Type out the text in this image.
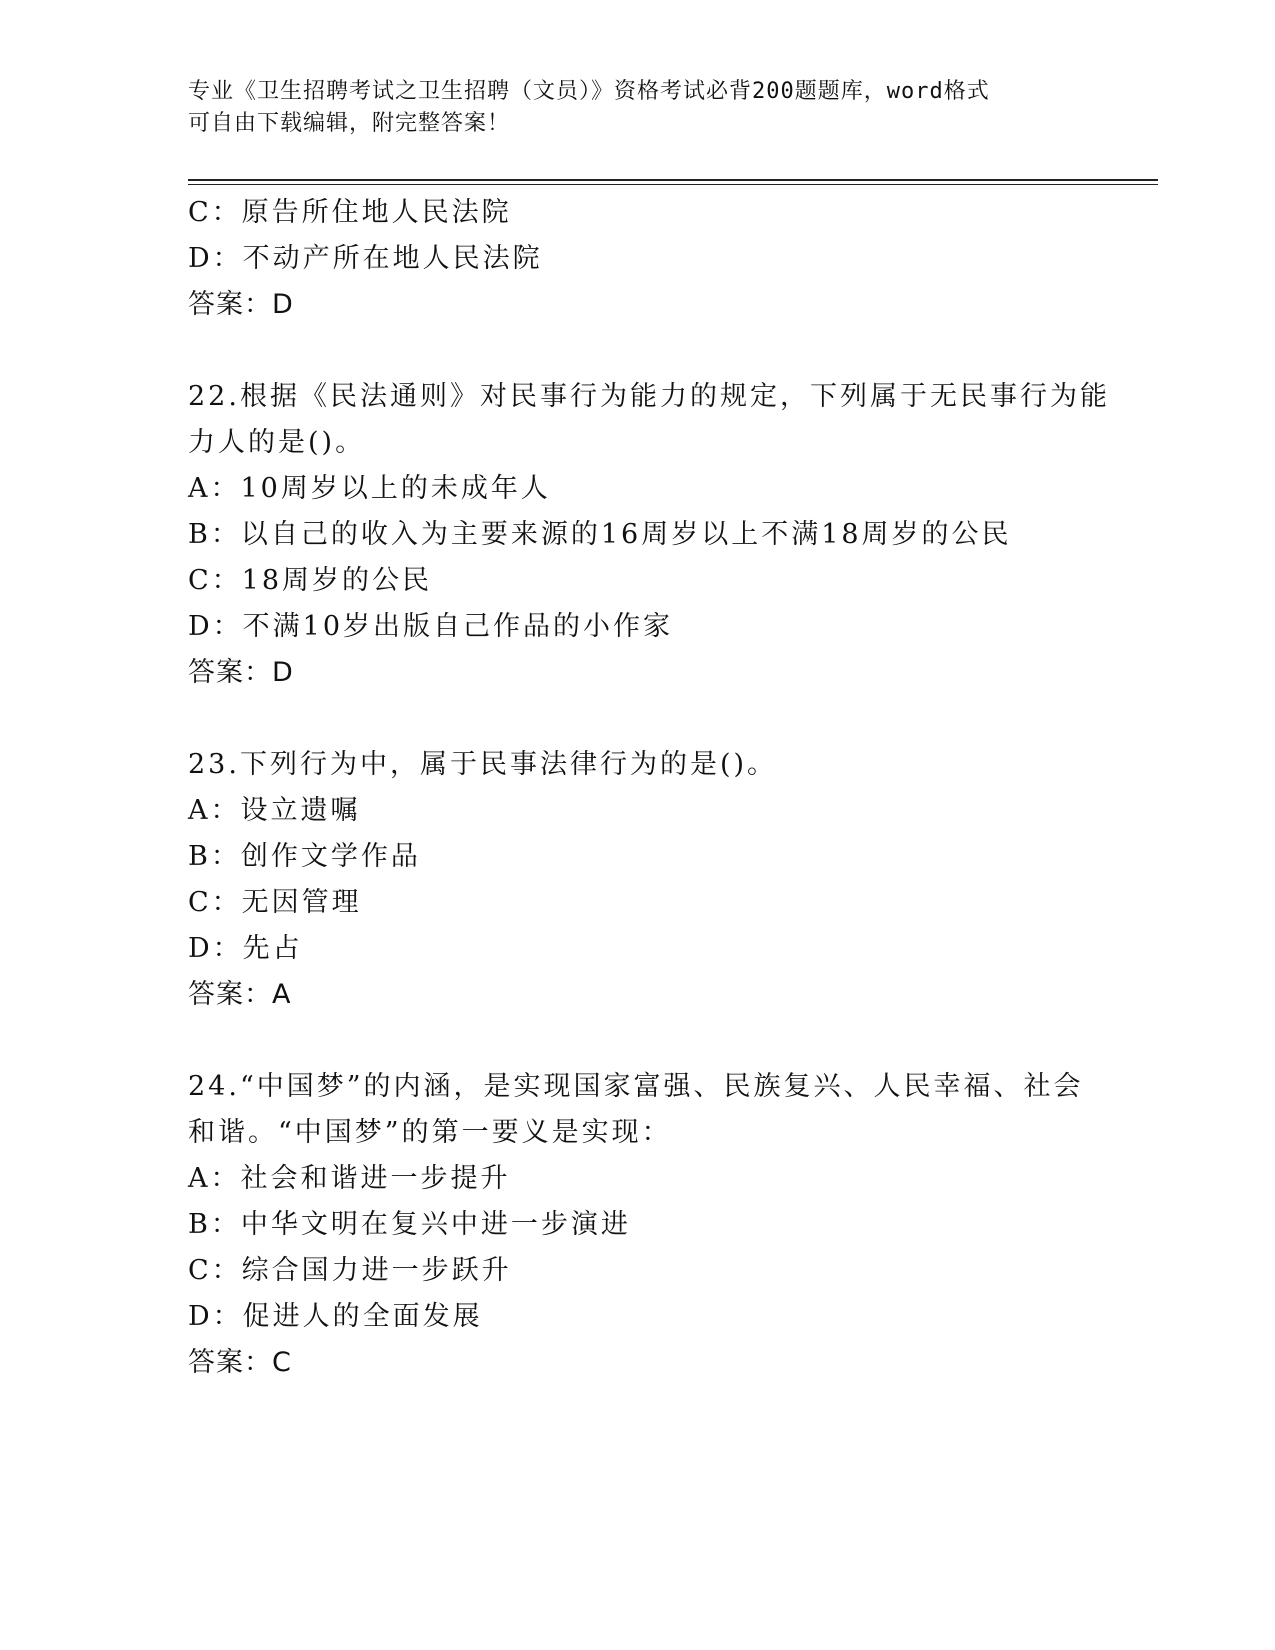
专业《卫生招聘考试之卫生招聘（文员）》资格考试必背200题题库，word格式
可自由下载编辑，附完整答案！

C：原告所住地人民法院

D：不动产所在地人民法院

答案：D

22.根据《民法通则》对民事行为能力的规定，下列属于无民事行为能

力人的是()。

A：10周岁以上的未成年人

B：以自己的收入为主要来源的16周岁以上不满18周岁的公民

C：18周岁的公民

D：不满10岁出版自己作品的小作家

答案：D

23.下列行为中，属于民事法律行为的是()。

A：设立遗嘱

B：创作文学作品

C：无因管理

D：先占

答案：A

24.“中国梦”的内涵，是实现国家富强、民族复兴、人民幸福、社会

和谐。“中国梦”的第一要义是实现：

A：社会和谐进一步提升

B：中华文明在复兴中进一步演进

C：综合国力进一步跃升

D：促进人的全面发展

答案：C
